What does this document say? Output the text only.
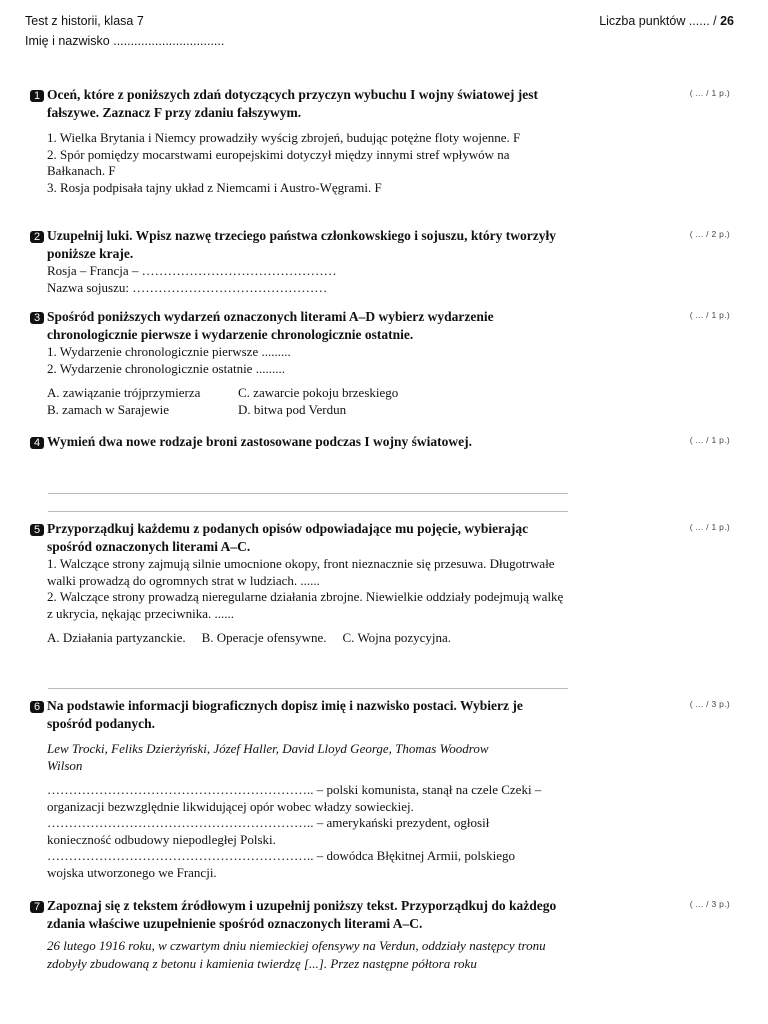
Test z historii, klasa 7
Imię i nazwisko ................................
Liczba punktów ...... / 26
1 Oceń, które z poniższych zdań dotyczących przyczyn wybuchu I wojny światowej jest fałszywe. Zaznacz F przy zdaniu fałszywym.
( ... / 1 p.)

1. Wielka Brytania i Niemcy prowadziły wyścig zbrojeń, budując potężne floty wojenne. F

2. Spór pomiędzy mocarstwami europejskimi dotyczył między innymi stref wpływów na Bałkanach. F

3. Rosja podpisała tajny układ z Niemcami i Austro-Węgrami. F

2 Uzupełnij luki. Wpisz nazwę trzeciego państwa członkowskiego i sojuszu, który tworzyły poniższe kraje.
( ... / 2 p.)

Rosja – Francja – ………………………………………

Nazwa sojuszu: ………………………………………

3 Spośród poniższych wydarzeń oznaczonych literami A–D wybierz wydarzenie chronologicznie pierwsze i wydarzenie chronologicznie ostatnie.
( ... / 1 p.)

1. Wydarzenie chronologicznie pierwsze .........

2. Wydarzenie chronologicznie ostatnie .........

A. zawiązanie trójprzymierza	C. zawarcie pokoju brzeskiego
B. zamach w Sarajewie	D. bitwa pod Verdun
4 Wymień dwa nowe rodzaje broni zastosowane podczas I wojny światowej.	( ... / 1 p.)
5 Przyporządkuj każdemu z podanych opisów odpowiadające mu pojęcie, wybierając spośród oznaczonych literami A–C.
( ... / 1 p.)

1. Walczące strony zajmują silnie umocnione okopy, front nieznacznie się przesuwa. Długotrwałe walki prowadzą do ogromnych strat w ludziach. ......

2. Walczące strony prowadzą nieregularne działania zbrojne. Niewielkie oddziały podejmują walkę z ukrycia, nękając przeciwnika. ......

A. Działania partyzanckie. B. Operacje ofensywne. C. Wojna pozycyjna.
6 Na podstawie informacji biograficznych dopisz imię i nazwisko postaci. Wybierz je spośród podanych.
( ... / 3 p.)

Lew Trocki, Feliks Dzierżyński, Józef Haller, David Lloyd George, Thomas Woodrow Wilson

…………………………………………………….. – polski komunista, stanął na czele Czeki – organizacji bezwzględnie likwidującej opór wobec władzy sowieckiej.

…………………………………………………….. – amerykański prezydent, ogłosił konieczność odbudowy niepodległej Polski.

…………………………………………………….. – dowódca Błękitnej Armii, polskiego wojska utworzonego we Francji.

7 Zapoznaj się z tekstem źródłowym i uzupełnij poniższy tekst. Przyporządkuj do każdego zdania właściwe uzupełnienie spośród oznaczonych literami A–C.
( ... / 3 p.)

26 lutego 1916 roku, w czwartym dniu niemieckiej ofensywy na Verdun, oddziały następcy tronu zdobyły zbudowaną z betonu i kamienia twierdzę [...]. Przez następne półtora roku
